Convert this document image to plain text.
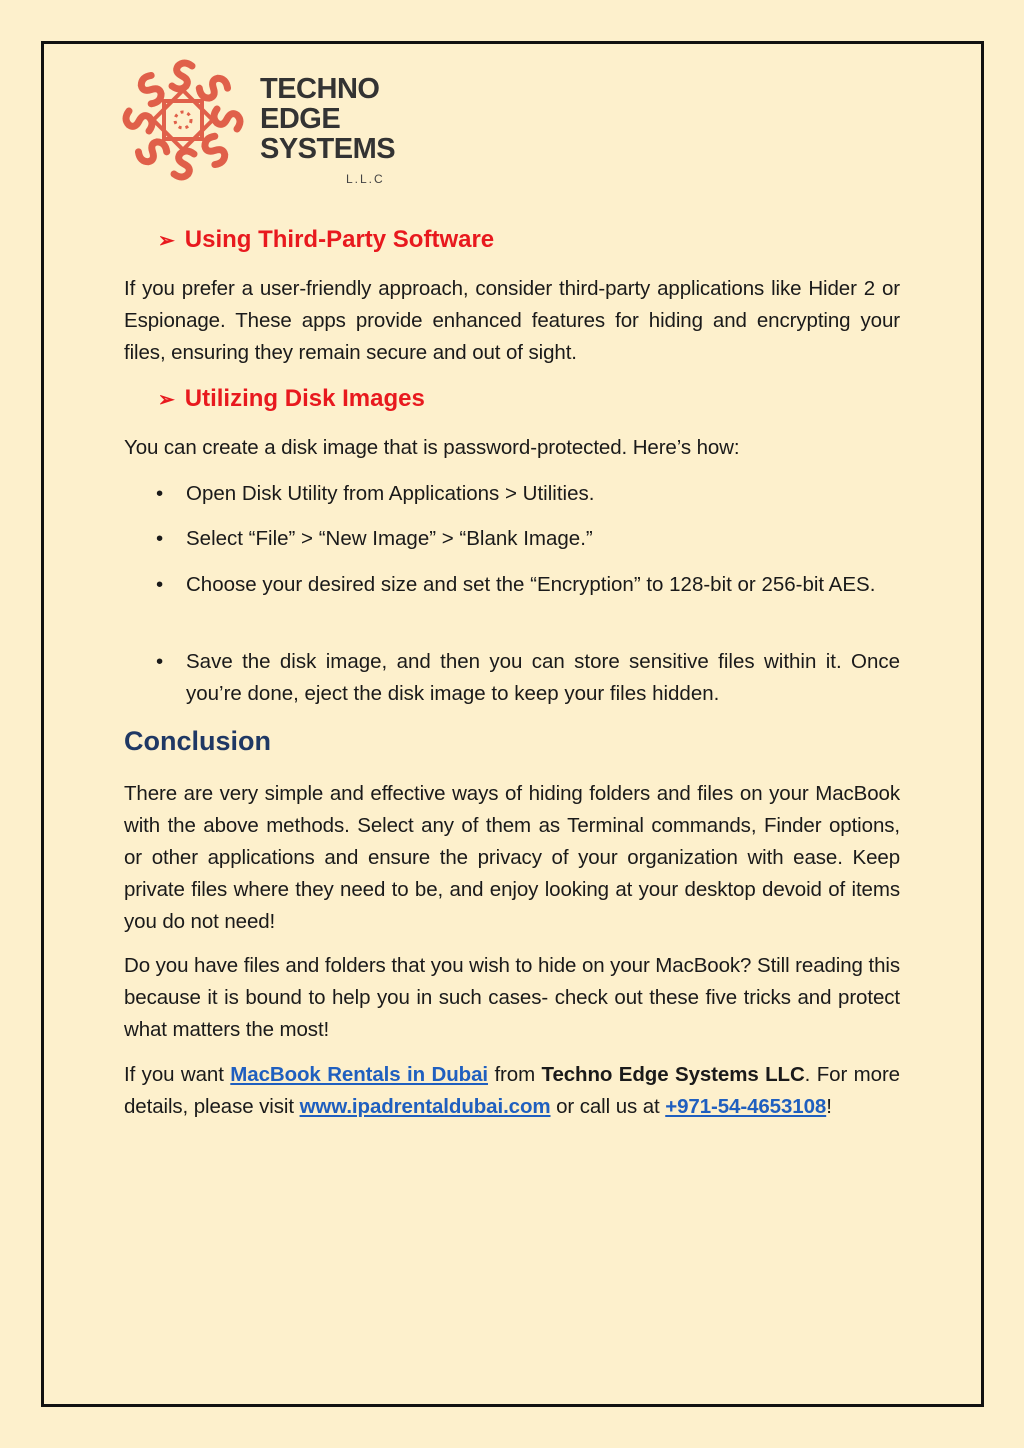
TECHNO
EDGE
SYSTEMS
L.L.C
➢ Using Third-Party Software

If you prefer a user-friendly approach, consider third-party applications like Hider 2 or Espionage. These apps provide enhanced features for hiding and encrypting your files, ensuring they remain secure and out of sight.

➢ Utilizing Disk Images

You can create a disk image that is password-protected. Here’s how:

• Open Disk Utility from Applications > Utilities.
• Select “File” > “New Image” > “Blank Image.”
• Choose your desired size and set the “Encryption” to 128-bit or 256-bit AES.
• Save the disk image, and then you can store sensitive files within it. Once you’re done, eject the disk image to keep your files hidden.
Conclusion

There are very simple and effective ways of hiding folders and files on your MacBook with the above methods. Select any of them as Terminal commands, Finder options, or other applications and ensure the privacy of your organization with ease. Keep private files where they need to be, and enjoy looking at your desktop devoid of items you do not need!

Do you have files and folders that you wish to hide on your MacBook? Still reading this because it is bound to help you in such cases- check out these five tricks and protect what matters the most!

If you want MacBook Rentals in Dubai from Techno Edge Systems LLC. For more details, please visit www.ipadrentaldubai.com or call us at +971-54-4653108!
